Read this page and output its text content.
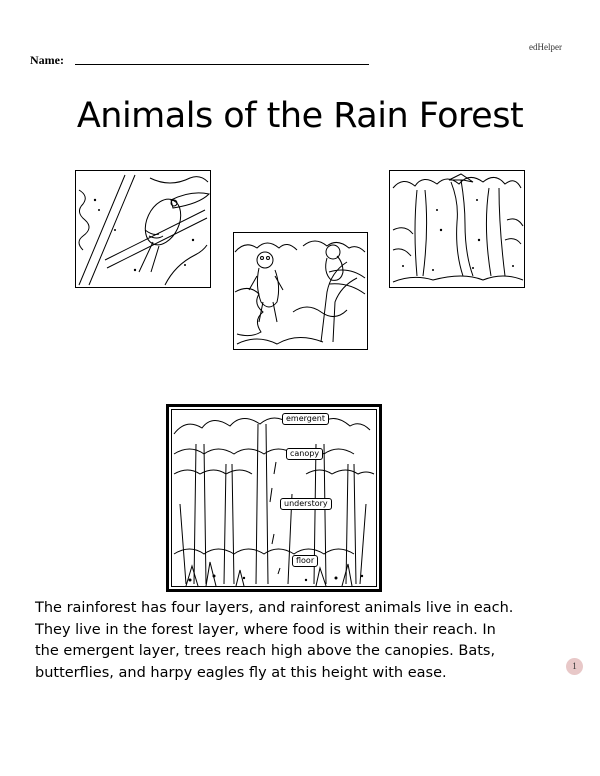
edHelper
Name:
Animals of the Rain Forest
emergent
canopy
understory
floor
The rainforest has four layers, and rainforest animals live in each.
They live in the forest layer, where food is within their reach. In
the emergent layer, trees reach high above the canopies. Bats,
butterflies, and harpy eagles fly at this height with ease.	1
